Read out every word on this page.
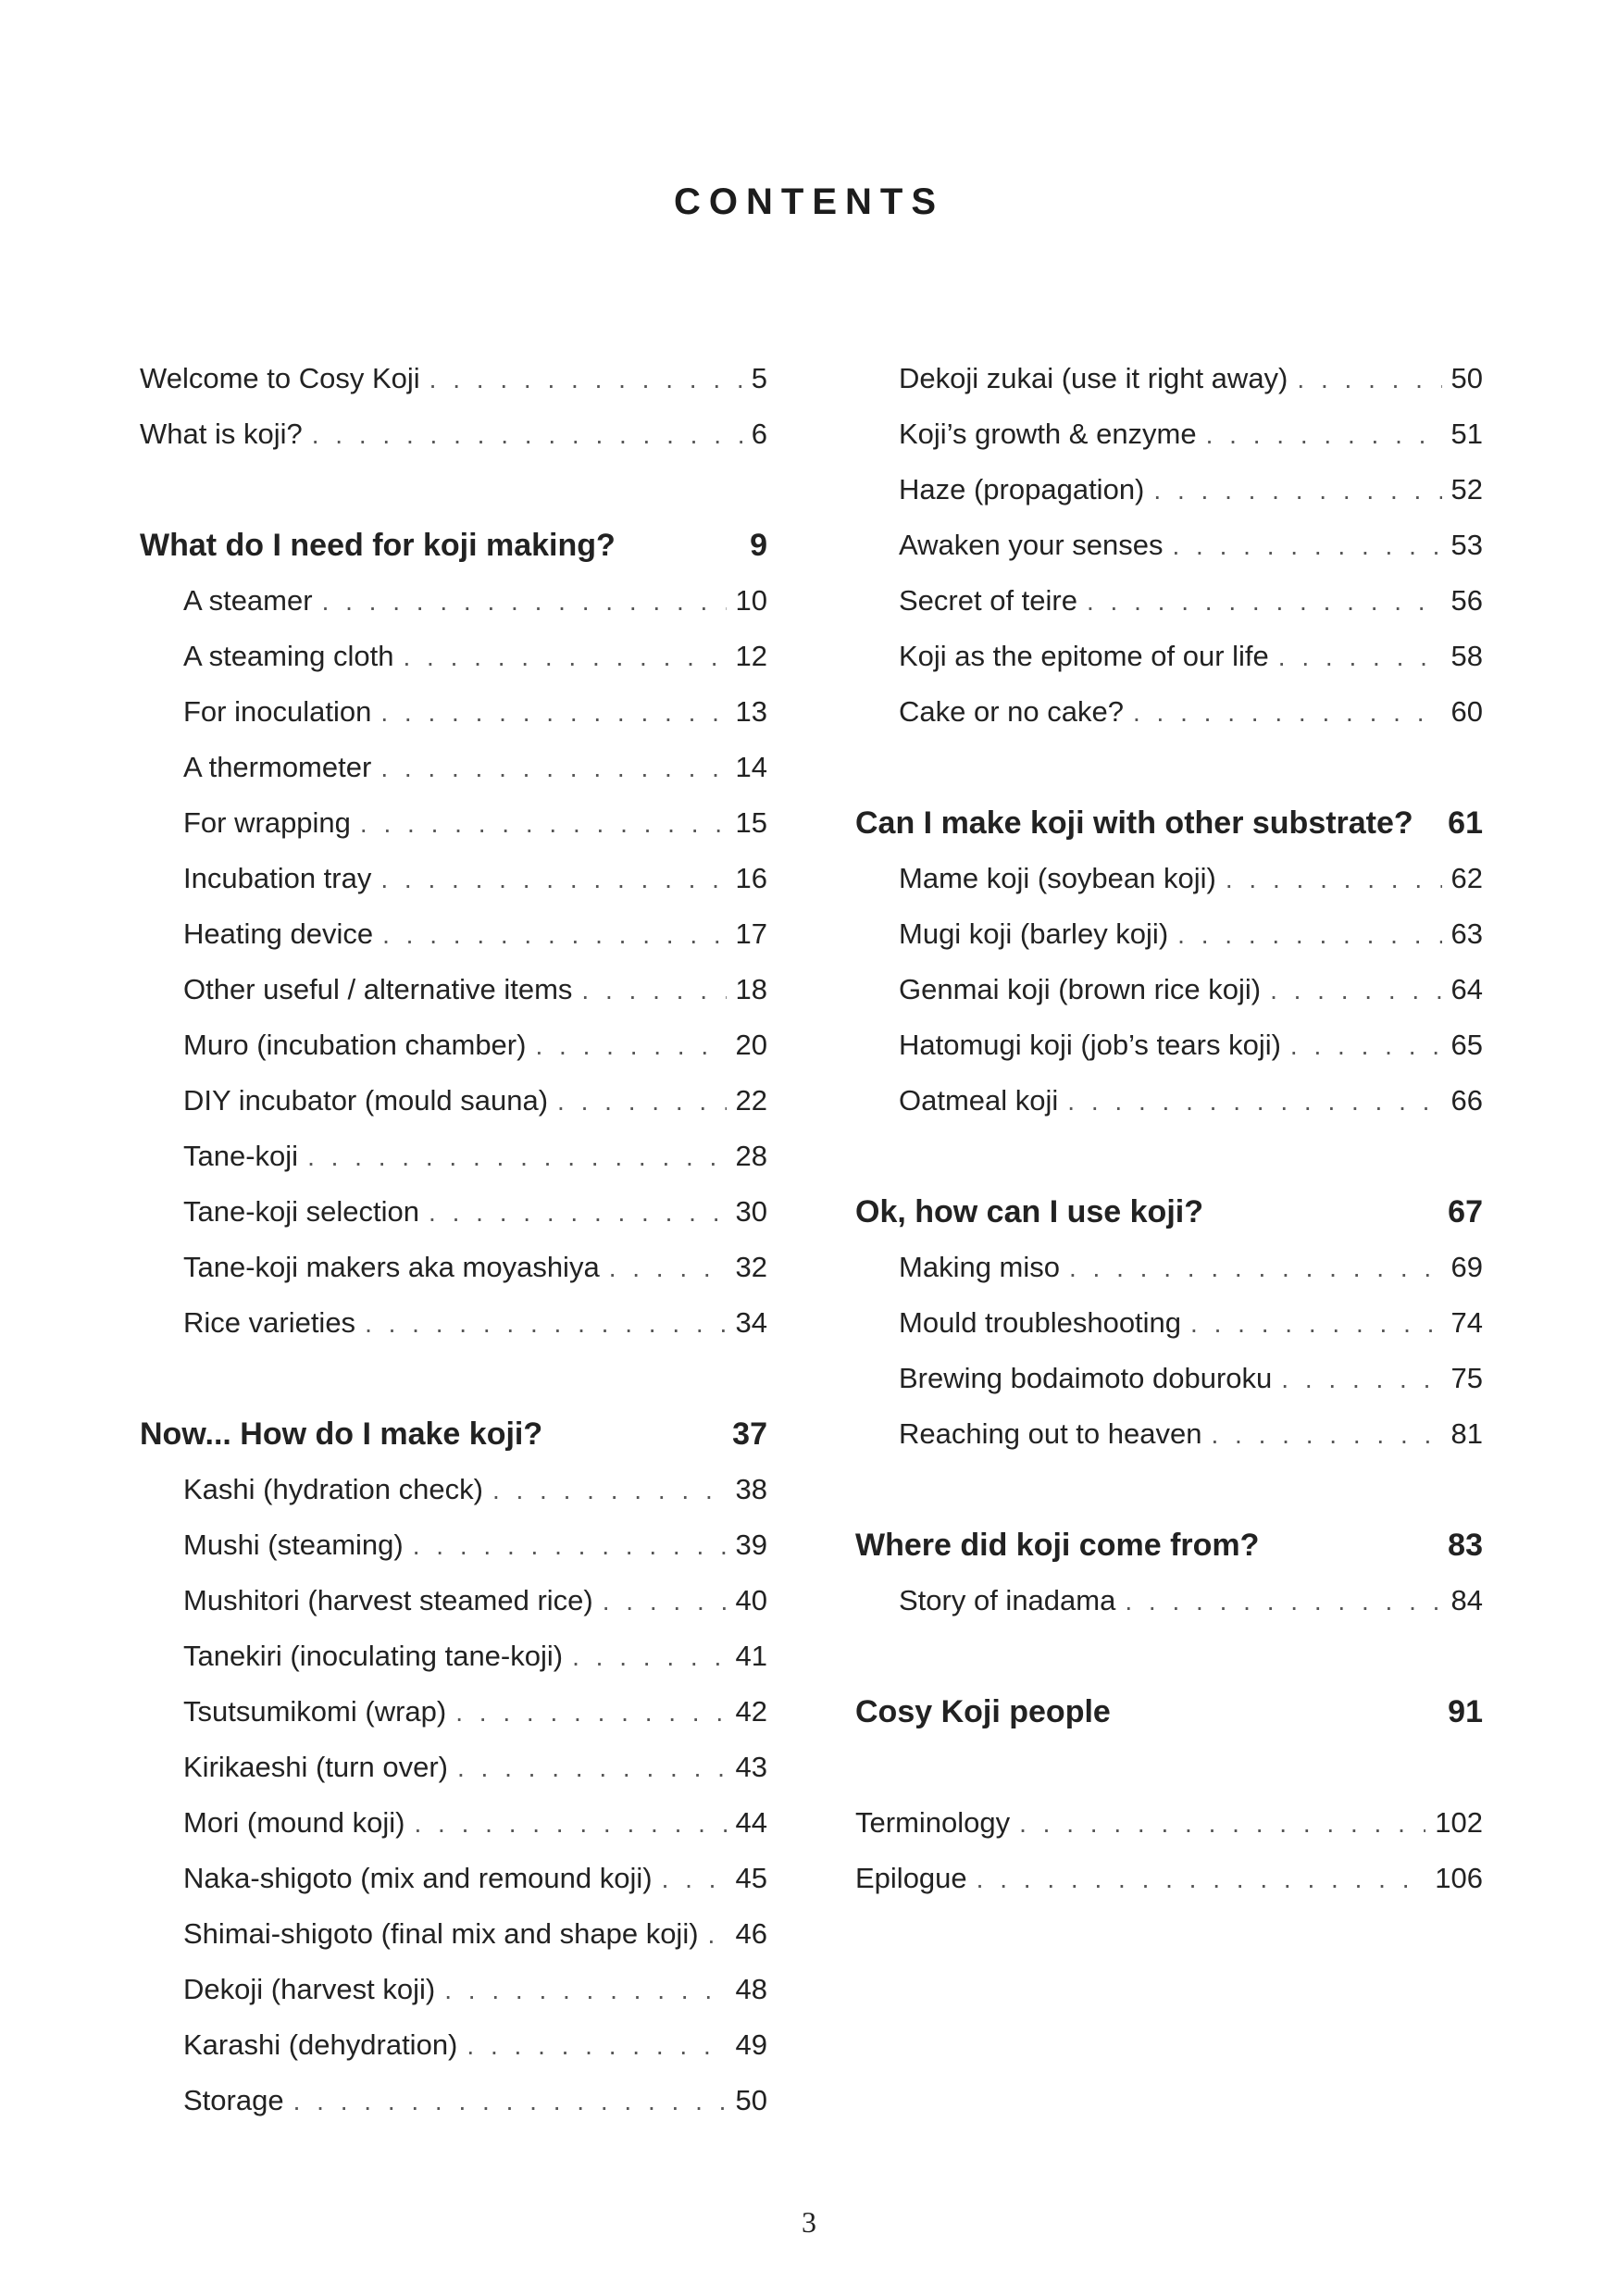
CONTENTS
Welcome to Cosy Koji . . .	5
What is koji? . . .	6
What do I need for koji making?	9
A steamer . . .	10
A steaming cloth . . .	12
For inoculation . . .	13
A thermometer . . .	14
For wrapping . . .	15
Incubation tray . . .	16
Heating device . . .	17
Other useful / alternative items . . .	18
Muro (incubation chamber) . . .	20
DIY incubator (mould sauna) . . .	22
Tane-koji . . .	28
Tane-koji selection . . .	30
Tane-koji makers aka moyashiya . . .	32
Rice varieties . . .	34
Now... How do I make koji?	37
Kashi (hydration check) . . .	38
Mushi (steaming) . . .	39
Mushitori (harvest steamed rice) . . .	40
Tanekiri (inoculating tane-koji) . . .	41
Tsutsumikomi (wrap) . . .	42
Kirikaeshi (turn over) . . .	43
Mori (mound koji) . . .	44
Naka-shigoto (mix and remound koji) . . .	45
Shimai-shigoto (final mix and shape koji) . . .	46
Dekoji (harvest koji) . . .	48
Karashi (dehydration) . . .	49
Storage . . .	50
Dekoji zukai (use it right away) . . .	50
Koji’s growth & enzyme . . .	51
Haze (propagation) . . .	52
Awaken your senses . . .	53
Secret of teire . . .	56
Koji as the epitome of our life . . .	58
Cake or no cake? . . .	60
Can I make koji with other substrate? 61
Mame koji (soybean koji) . . .	62
Mugi koji (barley koji) . . .	63
Genmai koji (brown rice koji) . . .	64
Hatomugi koji (job’s tears koji) . . .	65
Oatmeal koji . . .	66
Ok, how can I use koji?	67
Making miso . . .	69
Mould troubleshooting . . .	74
Brewing bodaimoto doburoku . . .	75
Reaching out to heaven . . .	81
Where did koji come from?	83
Story of inadama . . .	84
Cosy Koji people	91
Terminology . . .	102
Epilogue . . .	106
3
